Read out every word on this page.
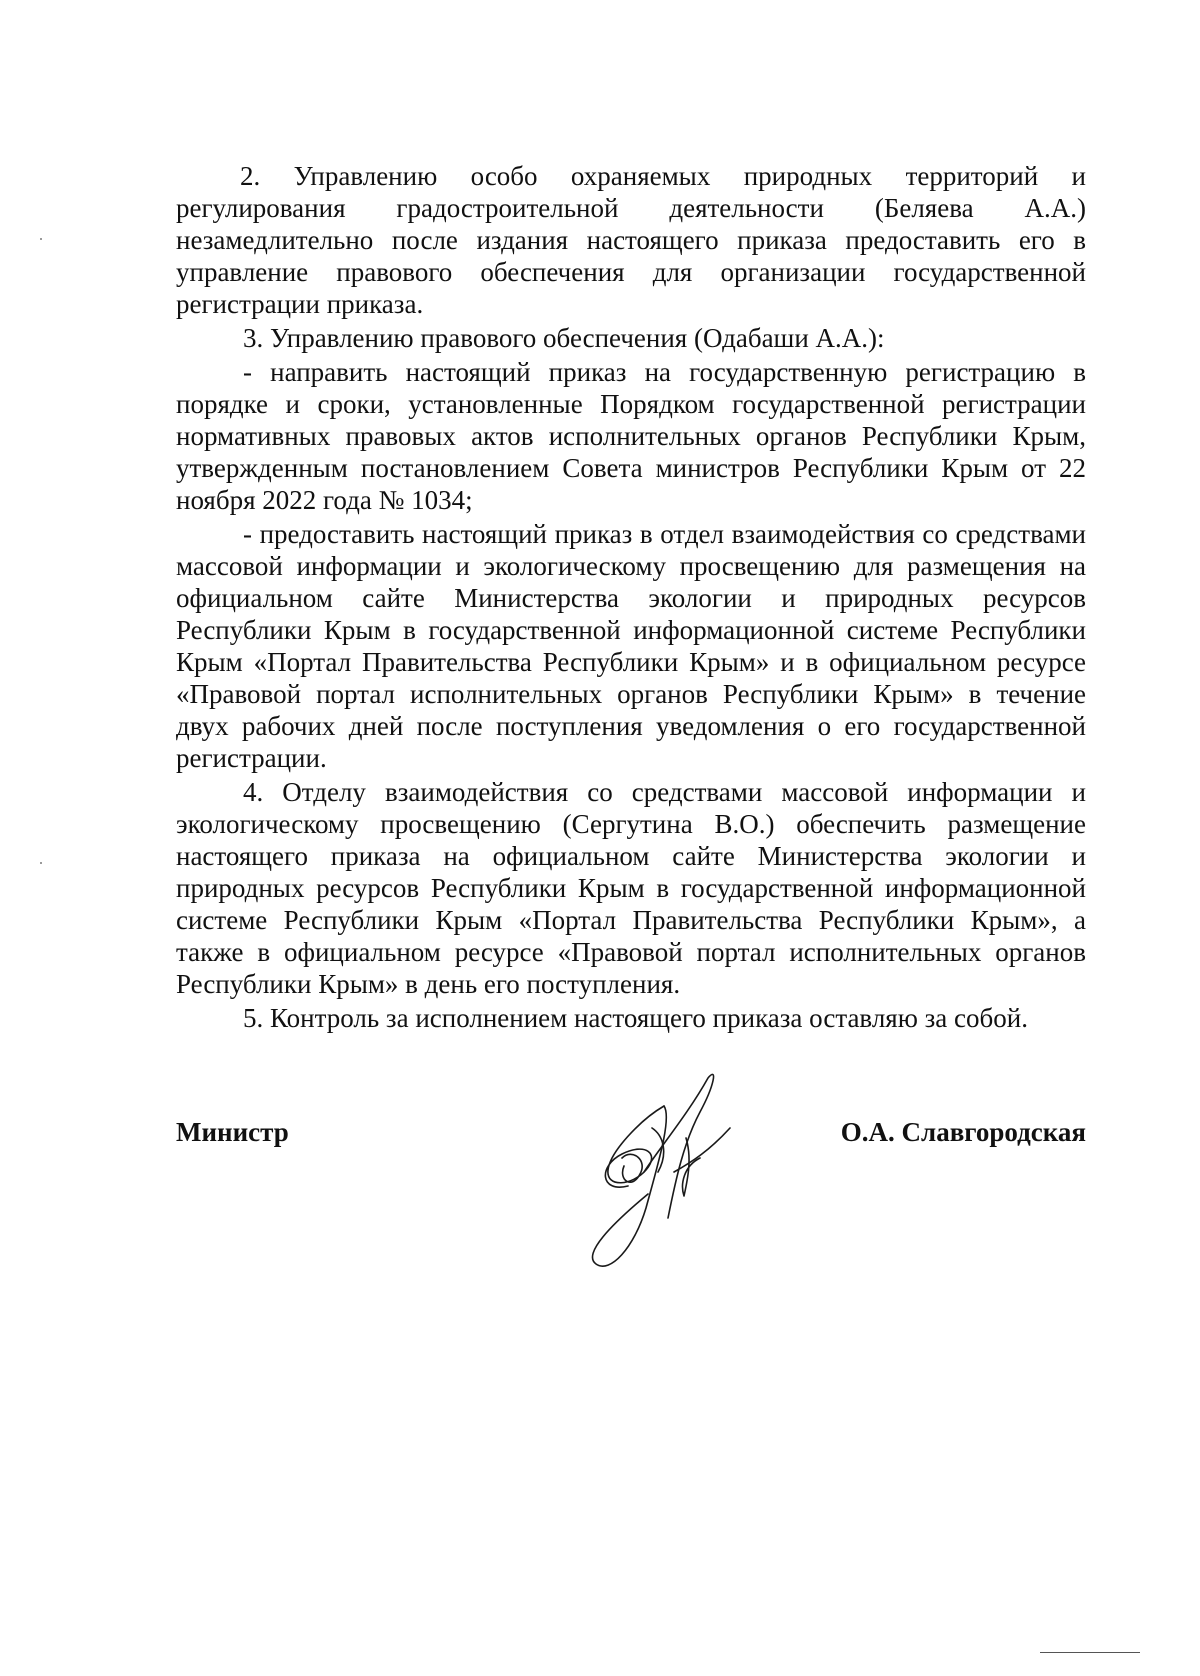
2. Управлению особо охраняемых природных территорий и регулирования градостроительной деятельности (Беляева А.А.) незамедлительно после издания настоящего приказа предоставить его в управление правового обеспечения для организации государственной регистрации приказа.

3. Управлению правового обеспечения (Одабаши А.А.):

- направить настоящий приказ на государственную регистрацию в порядке и сроки, установленные Порядком государственной регистрации нормативных правовых актов исполнительных органов Республики Крым, утвержденным постановлением Совета министров Республики Крым от 22 ноября 2022 года № 1034;

- предоставить настоящий приказ в отдел взаимодействия со средствами массовой информации и экологическому просвещению для размещения на официальном сайте Министерства экологии и природных ресурсов Республики Крым в государственной информационной системе Республики Крым «Портал Правительства Республики Крым» и в официальном ресурсе «Правовой портал исполнительных органов Республики Крым» в течение двух рабочих дней после поступления уведомления о его государственной регистрации.

4. Отделу взаимодействия со средствами массовой информации и экологическому просвещению (Сергутина В.О.) обеспечить размещение настоящего приказа на официальном сайте Министерства экологии и природных ресурсов Республики Крым в государственной информационной системе Республики Крым «Портал Правительства Республики Крым», а также в официальном ресурсе «Правовой портал исполнительных органов Республики Крым» в день его поступления.

5. Контроль за исполнением настоящего приказа оставляю за собой.

Министр	О.А. Славгородская
